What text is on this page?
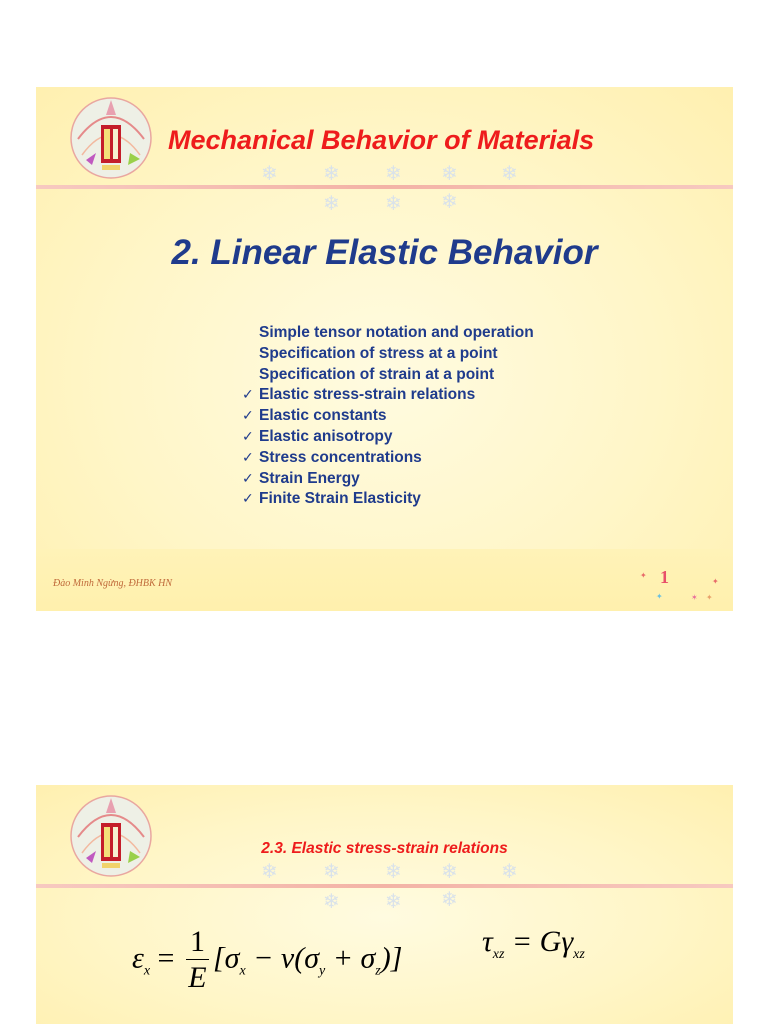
Mechanical Behavior of Materials
❄ ❄ ❄ ❄ ❄
❄ ❄ ❄
2. Linear Elastic Behavior
Simple tensor notation and operation
Specification of stress at a point
Specification of strain at a point
✓ Elastic stress-strain relations
✓ Elastic constants
✓ Elastic anisotropy
✓ Stress concentrations
✓ Strain Energy
✓ Finite Strain Elasticity
Đào Minh Ngừng, ĐHBK HN	1
✦
✦
✦	✶ ✦
2.3. Elastic stress-strain relations
❄ ❄ ❄ ❄ ❄
❄ ❄ ❄
$\varepsilon_x = \frac{1}{E} [\sigma_x - \nu(\sigma_y + \sigma_z)]$	$\tau_{xz} = G\gamma_{xz}$
